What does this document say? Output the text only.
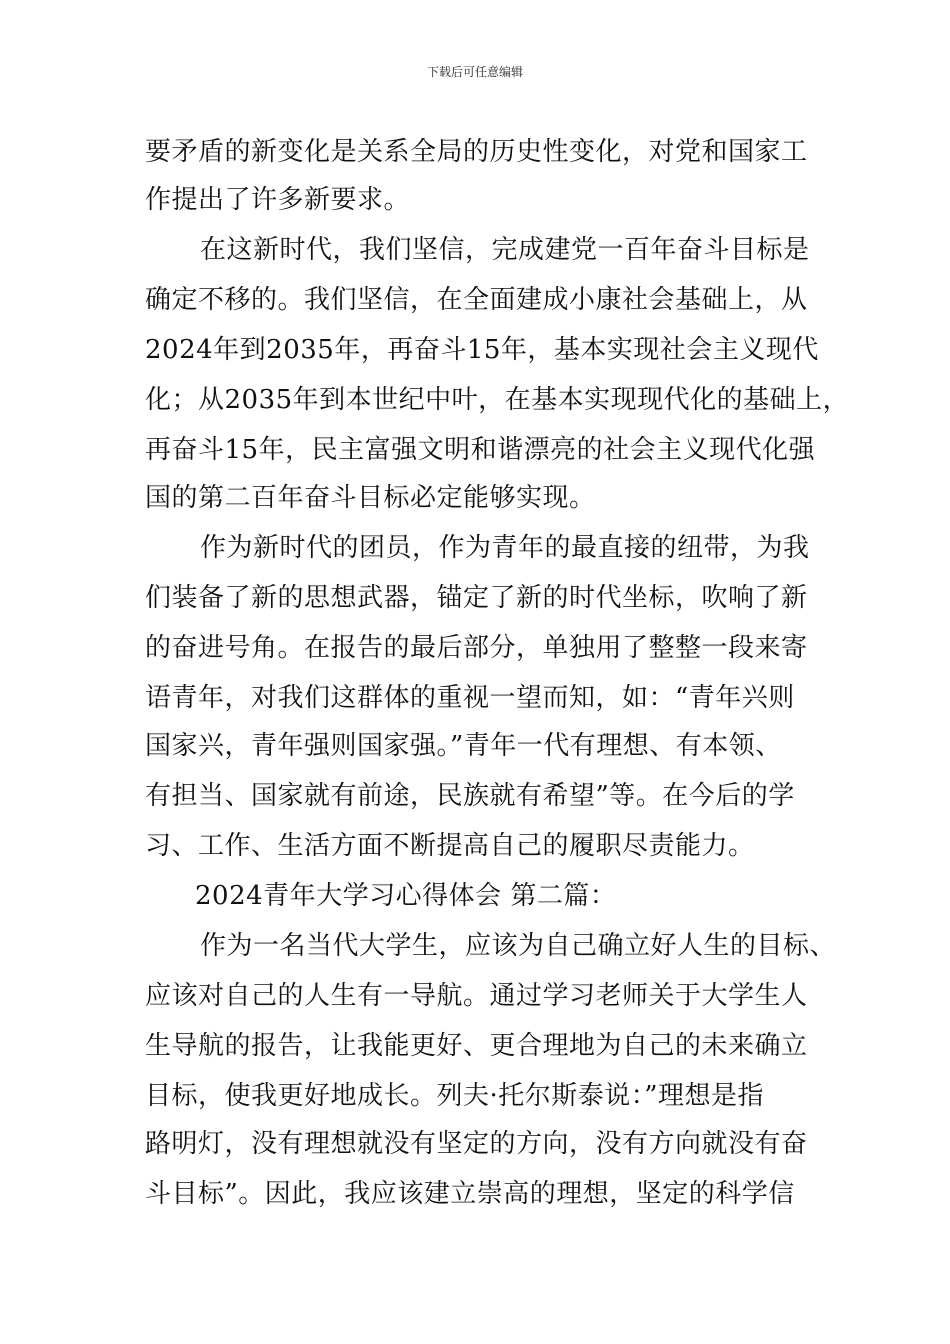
下载后可任意编辑
要矛盾的新变化是关系全局的历史性变化，对党和国家工
作提出了许多新要求。
在这新时代，我们坚信，完成建党一百年奋斗目标是
确定不移的。我们坚信，在全面建成小康社会基础上，从
2024年到2035年，再奋斗15年，基本实现社会主义现代
化；从2035年到本世纪中叶，在基本实现现代化的基础上，
再奋斗15年，民主富强文明和谐漂亮的社会主义现代化强
国的第二百年奋斗目标必定能够实现。
作为新时代的团员，作为青年的最直接的纽带，为我
们装备了新的思想武器，锚定了新的时代坐标，吹响了新
的奋进号角。在报告的最后部分，单独用了整整一段来寄
语青年，对我们这群体的重视一望而知，如：“青年兴则
国家兴，青年强则国家强。”青年一代有理想、有本领、
有担当、国家就有前途，民族就有希望”等。在今后的学
习、工作、生活方面不断提高自己的履职尽责能力。
2024青年大学习心得体会 第二篇：
作为一名当代大学生，应该为自己确立好人生的目标、
应该对自己的人生有一导航。通过学习老师关于大学生人
生导航的报告，让我能更好、更合理地为自己的未来确立
目标，使我更好地成长。列夫·托尔斯泰说：”理想是指
路明灯，没有理想就没有坚定的方向，没有方向就没有奋
斗目标”。因此，我应该建立崇高的理想，坚定的科学信
